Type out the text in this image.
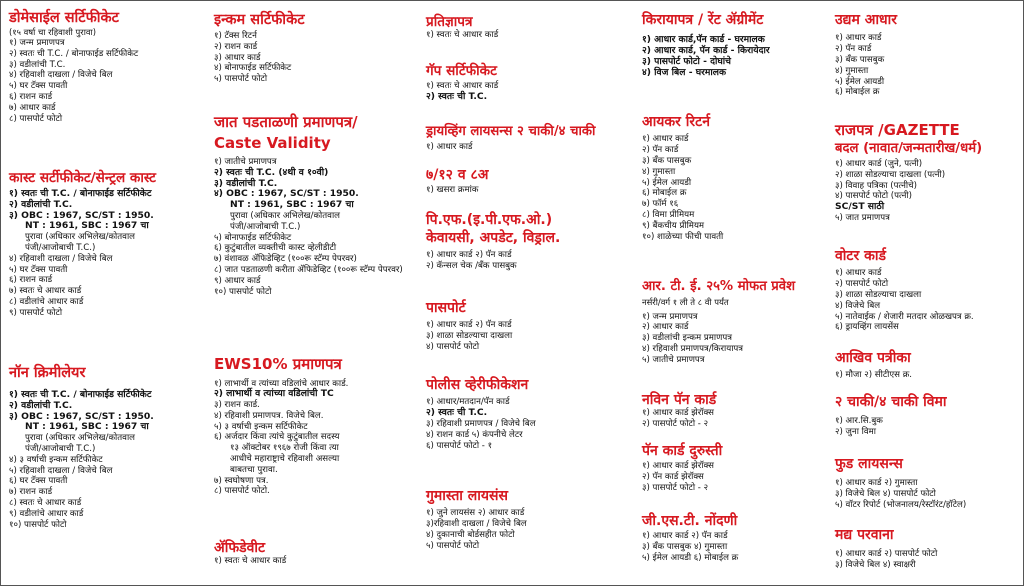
डोमेसाईल सर्टिफीकेट
(१५ वर्षा चा रहिवाशी पुरावा)
१) जन्म प्रमाणपत्र
२) स्वतः ची T.C. / बोनाफाईड सर्टिफीकेट
३) वडीलांची T.C.
४) रहिवाशी दाखला / विजेचे बिल
५) घर टॅक्स पावती
६) राशन कार्ड
७) आधार कार्ड
८) पासपोर्ट फोटो
कास्ट सर्टीफीकेट/सेन्ट्रल कास्ट
१) स्वतः ची T.C. / बोनाफाईड सर्टिफीकेट
२) वडीलांची T.C.
३) OBC : 1967, SC/ST : 1950.
NT : 1961, SBC : 1967 चा
पुरावा (अधिकार अभिलेख/कोतवाल
पंजी/आजोबाची T.C.)
४) रहिवाशी दाखला / विजेचे बिल
५) घर टॅक्स पावती
६) राशन कार्ड
७) स्वतः चे आधार कार्ड
८) वडीलांचे आधार कार्ड
९) पासपोर्ट फोटो
नॉन क्रिमीलेयर
१) स्वतः ची T.C. / बोनाफाईड सर्टिफीकेट
२) वडीलांची T.C.
३) OBC : 1967, SC/ST : 1950.
NT : 1961, SBC : 1967 चा
पुरावा (अधिकार अभिलेख/कोतवाल
पंजी/आजोबाची T.C.)
४) ३ वर्षाची इन्कम सर्टिफीकेट
५) रहिवाशी दाखला / विजेचे बिल
६) घर टॅक्स पावती
७) राशन कार्ड
८) स्वतः चे आधार कार्ड
९) वडीलांचे आधार कार्ड
१०) पासपोर्ट फोटो
इन्कम सर्टिफीकेट
१) टॅक्स रिटर्न
२) राशन कार्ड
३) आधार कार्ड
४) बोनाफाईड सर्टिफीकेट
५) पासपोर्ट फोटो
जात पडताळणी प्रमाणपत्र/
Caste Validity
१) जातीचे प्रमाणपत्र
२) स्वतः ची T.C. (४थी व १०वी)
३) वडीलांची T.C.
४) OBC : 1967, SC/ST : 1950.
NT : 1961, SBC : 1967 चा
पुरावा (अधिकार अभिलेख/कोतवाल
पंजी/आजोबाची T.C.)
५) बोनाफाईड सर्टिफीकेट
६) कुटुंबातील व्यक्तीची कास्ट व्हेलीडीटी
७) वंशावळ ॲफिडेव्हिट (१००रू स्टॅम्प पेपरवर)
८) जात पडताळणी करीता ॲफिडेव्हिट (१००रू स्टॅम्प पेपरवर)
९) आधार कार्ड
१०) पासपोर्ट फोटो
EWS10% प्रमाणपत्र
१) लाभार्थी व त्यांच्या वडिलांचे आधार कार्ड.
२) लाभार्थी व त्यांच्या वडिलांची TC
३) राशन कार्ड.
४) रहिवाशी प्रमाणपत्र. विजेचे बिल.
५) ३ वर्षाची इन्कम सर्टिफीकेट
६) अर्जदार किंवा त्यांचे कुटुंबातील सदस्य
१३ ऑक्टोबर १९६७ रोजी किंवा त्या
आधीचे महाराष्ट्राचे रहिवाशी असल्या
बाबतचा पुरावा.
७) स्वघोषणा पत्र.
८) पासपोर्ट फोटो.
ॲफिडेवीट
१) स्वतः चे आधार कार्ड
प्रतिज्ञापत्र
१) स्वतः चे आधार कार्ड
गॅप सर्टिफीकेट
१) स्वतः चे आधार कार्ड
२) स्वतः ची T.C.
ड्रायव्हिंग लायसन्स २ चाकी/४ चाकी
१) आधार कार्ड
७/१२ व ८अ
१) खसरा क्रमांक
पि.एफ.(इ.पी.एफ.ओ.)
केवायसी, अपडेट, विड्राल.
१) आधार कार्ड २) पॅन कार्ड
२) कॅन्सल चेक /बँक पासबुक
पासपोर्ट
१) आधार कार्ड २) पॅन कार्ड
३) शाळा सोडल्याचा दाखला
४) पासपोर्ट फोटो
पोलीस व्हेरीफीकेशन
१) आधार/मतदान/पॅन कार्ड
२) स्वतः ची T.C.
३) रहिवाशी प्रमाणपत्र / विजेचे बिल
४) राशन कार्ड ५) कंपनीचे लेटर
६) पासपोर्ट फोटो - १
गुमास्ता लायसंस
१) जुने लायसंस २) आधार कार्ड
३)रहिवाशी दाखला / विजेचे बिल
४) दुकानाची बोर्डसहीत फोटो
५) पासपोर्ट फोटो
किरायापत्र / रेंट ॲग्रीमेंट
१) आधार कार्ड,पॅन कार्ड - घरमालक
२) आधार कार्ड, पॅन कार्ड - किरायेदार
३) पासपोर्ट फोटो - दोघांचे
४) विज बिल - घरमालक
आयकर रिटर्न
१) आधार कार्ड
२) पॅन कार्ड
३) बँक पासबुक
४) गुमास्ता
५) ईमेल आयडी
६) मोबाईल क्र
७) फॉर्म १६
८) विमा प्रीमियम
९) बैंकचीय प्रीमियम
१०) शाळेच्या फीची पावती
आर. टी. ई. २५% मोफत प्रवेश
नर्सरी/वर्ग १ ली ते ८ वी पर्यंत
१) जन्म प्रमाणपत्र
२) आधार कार्ड
३) वडीलांची इन्कम प्रमाणपत्र
४) रहिवाशी प्रमाणपत्र/किरायापत्र
५) जातीचे प्रमाणपत्र
नविन पॅन कार्ड
१) आधार कार्ड झेरॉक्स
२) पासपोर्ट फोटो - २
पॅन कार्ड दुरुस्ती
१) आधार कार्ड झेरॉक्स
२) पॅन कार्ड झेरॉक्स
३) पासपोर्ट फोटो - २
जी.एस.टी. नोंदणी
१) आधार कार्ड २) पॅन कार्ड
३) बँक पासबुक ४) गुमास्ता
५) ईमेल आयडी ६) मोबाईल क्र
उद्यम आधार
१) आधार कार्ड
२) पॅन कार्ड
३) बँक पासबुक
४) गुमास्ता
५) ईमेल आयडी
६) मोबाईल क्र
राजपत्र /GAZETTE
बदल (नावात/जन्मतारीख/धर्म)
१) आधार कार्ड (जुने, पत्नी)
२) शाळा सोडल्याचा दाखला (पत्नी)
३) विवाह पत्रिका (पत्नीचे)
४) पासपोर्ट फोटो (पत्नी)
SC/ST साठी
५) जात प्रमाणपत्र
वोटर कार्ड
१) आधार कार्ड
२) पासपोर्ट फोटो
३) शाळा सोडल्याचा दाखला
४) विजेचे बिल
५) नातेवाईक / शेजारी मतदार ओळखपत्र क्र.
६) ड्रायव्हिंग लायसेंस
आखिव पत्रीका
१) मौजा २) सीटीएस क्र.
२ चाकी/४ चाकी विमा
१) आर.सि.बुक
२) जुना विमा
फुड लायसन्स
१) आधार कार्ड २) गुमास्ता
३) विजेचे बिल ४) पासपोर्ट फोटो
५) वॉटर रिपोर्ट (भोजनालय/रेस्टॉरंट/हॉटेल)
मद्य परवाना
१) आधार कार्ड २) पासपोर्ट फोटो
३) विजेचे बिल ४) स्वाक्षरी
